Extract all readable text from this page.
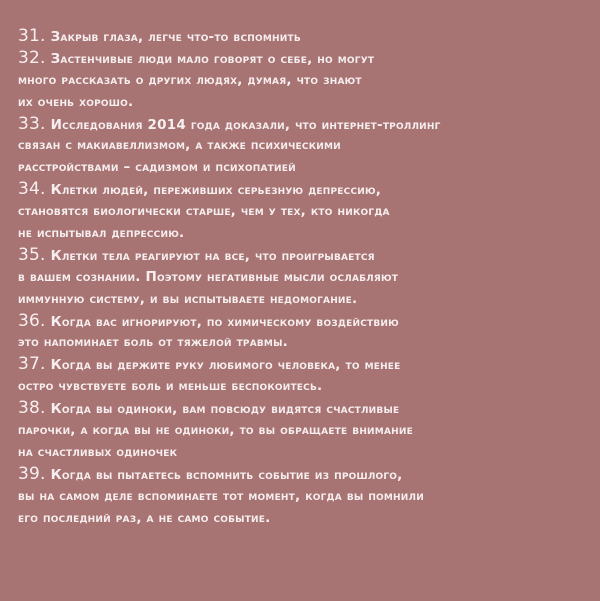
31. Закрыв глаза, легче что-то вспомнить
32. Застенчивые люди мало говорят о себе, но могут
много рассказать о других людях, думая, что знают
их очень хорошо.
33. Исследования 2014 года доказали, что интернет-троллинг
связан с макиавеллизмом, а также психическими
расстройствами – садизмом и психопатией
34. Клетки людей, переживших серьезную депрессию,
становятся биологически старше, чем у тех, кто никогда
не испытывал депрессию.
35. Клетки тела реагируют на все, что проигрывается
в вашем сознании. Поэтому негативные мысли ослабляют
иммунную систему, и вы испытываете недомогание.
36. Когда вас игнорируют, по химическому воздействию
это напоминает боль от тяжелой травмы.
37. Когда вы держите руку любимого человека, то менее
остро чувствуете боль и меньше беспокоитесь.
38. Когда вы одиноки, вам повсюду видятся счастливые
парочки, а когда вы не одиноки, то вы обращаете внимание
на счастливых одиночек
39. Когда вы пытаетесь вспомнить событие из прошлого,
вы на самом деле вспоминаете тот момент, когда вы помнили
его последний раз, а не само событие.
